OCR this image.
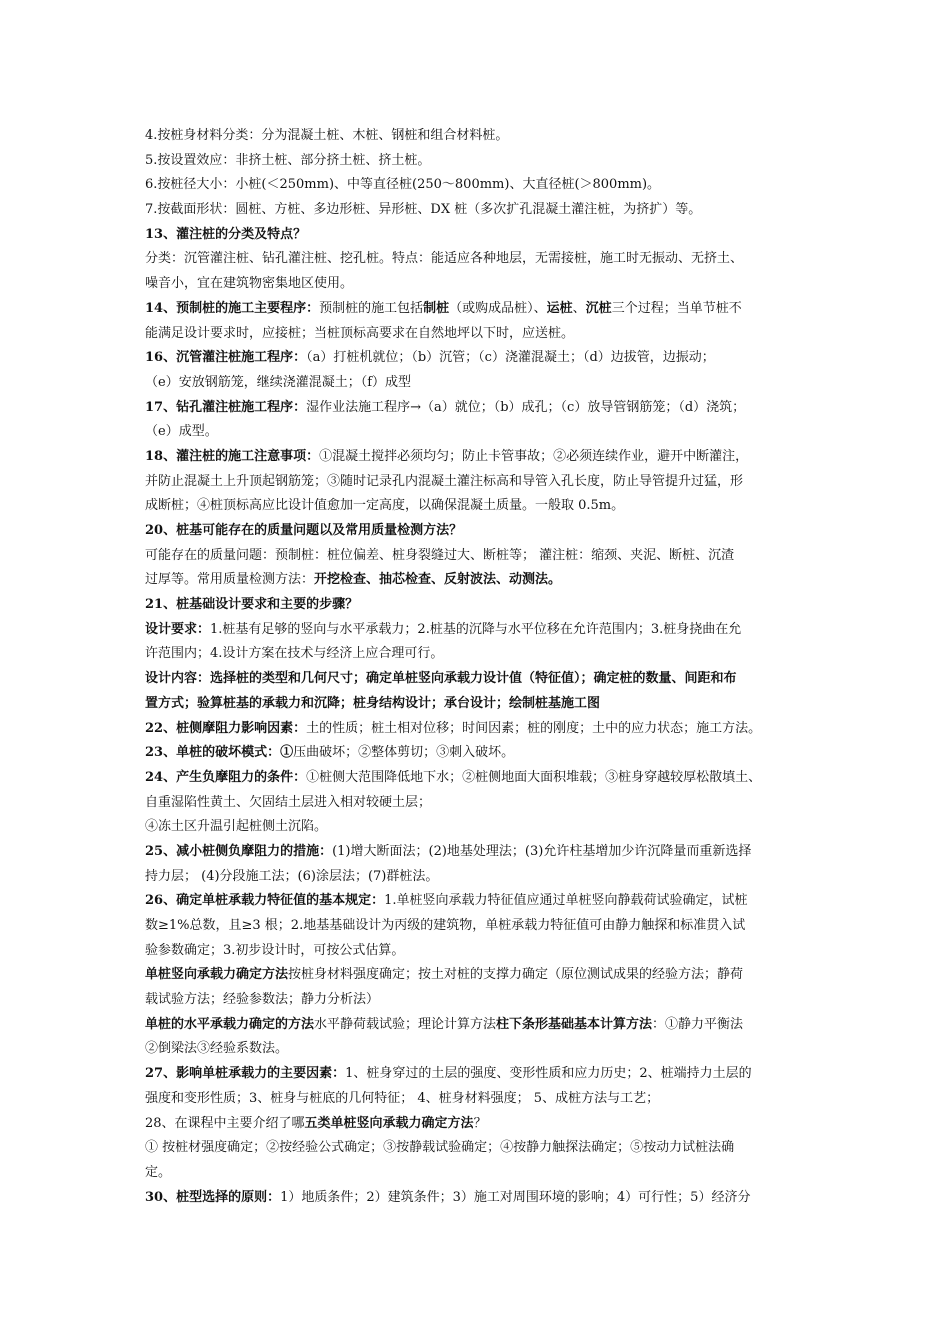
4.按桩身材料分类：分为混凝土桩、木桩、钢桩和组合材料桩。
5.按设置效应：非挤土桩、部分挤土桩、挤土桩。
6.按桩径大小：小桩(＜250mm)、中等直径桩(250～800mm)、大直径桩(＞800mm)。
7.按截面形状：圆桩、方桩、多边形桩、异形桩、DX 桩（多次扩孔混凝土灌注桩，为挤扩）等。
13、灌注桩的分类及特点？
分类：沉管灌注桩、钻孔灌注桩、挖孔桩。特点：能适应各种地层，无需接桩，施工时无振动、无挤土、
噪音小，宜在建筑物密集地区使用。
14、预制桩的施工主要程序：预制桩的施工包括制桩（或购成品桩）、运桩、沉桩三个过程；当单节桩不
能满足设计要求时，应接桩；当桩顶标高要求在自然地坪以下时，应送桩。
16、沉管灌注桩施工程序：（a）打桩机就位；（b）沉管；（c）浇灌混凝土；（d）边拔管，边振动；
（e）安放钢筋笼，继续浇灌混凝土；（f）成型
17、钻孔灌注桩施工程序：湿作业法施工程序→（a）就位；（b）成孔；（c）放导管钢筋笼；（d）浇筑；
（e）成型。
18、灌注桩的施工注意事项：①混凝土搅拌必须均匀；防止卡管事故；②必须连续作业，避开中断灌注，
并防止混凝土上升顶起钢筋笼；③随时记录孔内混凝土灌注标高和导管入孔长度，防止导管提升过猛，形
成断桩；④桩顶标高应比设计值愈加一定高度，以确保混凝土质量。一般取 0.5m。
20、桩基可能存在的质量问题以及常用质量检测方法？
可能存在的质量问题：预制桩：桩位偏差、桩身裂缝过大、断桩等； 灌注桩：缩颈、夹泥、断桩、沉渣
过厚等。常用质量检测方法：开挖检查、抽芯检查、反射波法、动测法。
21、桩基础设计要求和主要的步骤？
设计要求：1.桩基有足够的竖向与水平承载力；2.桩基的沉降与水平位移在允许范围内；3.桩身挠曲在允
许范围内；4.设计方案在技术与经济上应合理可行。
设计内容：选择桩的类型和几何尺寸；确定单桩竖向承载力设计值（特征值）；确定桩的数量、间距和布
置方式；验算桩基的承载力和沉降；桩身结构设计；承台设计；绘制桩基施工图
22、桩侧摩阻力影响因素：土的性质；桩土相对位移；时间因素；桩的刚度；土中的应力状态；施工方法。
23、单桩的破坏模式：①压曲破坏；②整体剪切；③刺入破坏。
24、产生负摩阻力的条件：①桩侧大范围降低地下水；②桩侧地面大面积堆载；③桩身穿越较厚松散填土、
自重湿陷性黄土、欠固结土层进入相对较硬土层；
④冻土区升温引起桩侧土沉陷。
25、减小桩侧负摩阻力的措施：(1)增大断面法；(2)地基处理法；(3)允许柱基增加少许沉降量而重新选择
持力层； (4)分段施工法；(6)涂层法；(7)群桩法。
26、确定单桩承载力特征值的基本规定：1.单桩竖向承载力特征值应通过单桩竖向静载荷试验确定，试桩
数≥1%总数，且≥3 根；2.地基基础设计为丙级的建筑物，单桩承载力特征值可由静力触探和标准贯入试
验参数确定；3.初步设计时，可按公式估算。
单桩竖向承载力确定方法按桩身材料强度确定；按土对桩的支撑力确定（原位测试成果的经验方法；静荷
载试验方法；经验参数法；静力分析法）
单桩的水平承载力确定的方法水平静荷载试验；理论计算方法柱下条形基础基本计算方法：①静力平衡法
②倒梁法③经验系数法。
27、影响单桩承载力的主要因素：1、桩身穿过的土层的强度、变形性质和应力历史；2、桩端持力土层的
强度和变形性质；3、桩身与桩底的几何特征； 4、桩身材料强度； 5、成桩方法与工艺；
28、在课程中主要介绍了哪五类单桩竖向承载力确定方法？
① 按桩材强度确定；②按经验公式确定；③按静载试验确定；④按静力触探法确定；⑤按动力试桩法确
定。
30、桩型选择的原则：1）地质条件；2）建筑条件；3）施工对周围环境的影响；4）可行性；5）经济分
